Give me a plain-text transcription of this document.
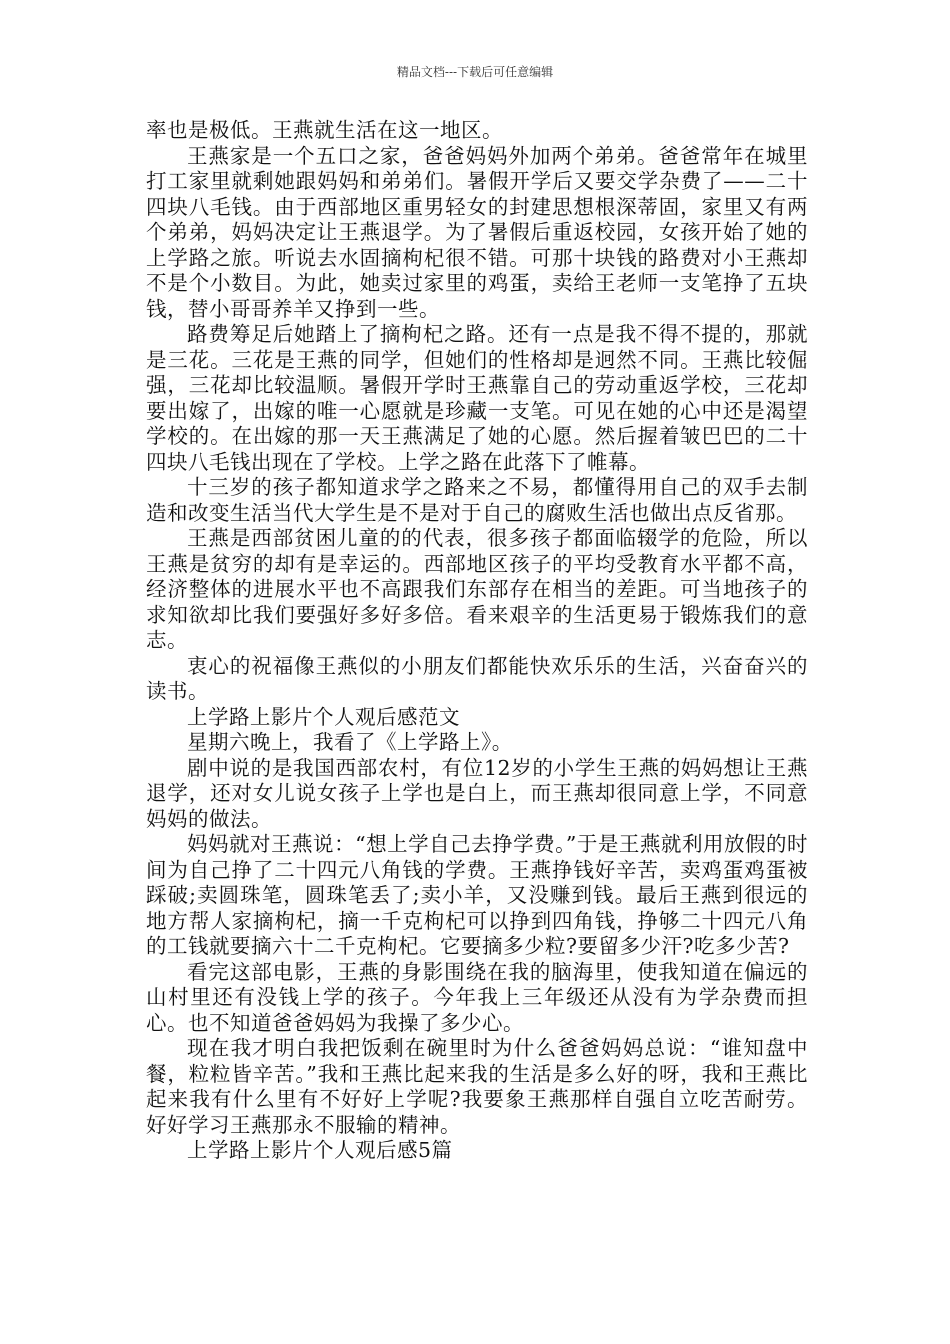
精品文档---下载后可任意编辑

率也是极低。王燕就生活在这一地区。

王燕家是一个五口之家，爸爸妈妈外加两个弟弟。爸爸常年在城里打工家里就剩她跟妈妈和弟弟们。暑假开学后又要交学杂费了——二十四块八毛钱。由于西部地区重男轻女的封建思想根深蒂固，家里又有两个弟弟，妈妈决定让王燕退学。为了暑假后重返校园，女孩开始了她的上学路之旅。听说去水固摘枸杞很不错。可那十块钱的路费对小王燕却不是个小数目。为此，她卖过家里的鸡蛋，卖给王老师一支笔挣了五块钱，替小哥哥养羊又挣到一些。

路费筹足后她踏上了摘枸杞之路。还有一点是我不得不提的，那就是三花。三花是王燕的同学，但她们的性格却是迥然不同。王燕比较倔强，三花却比较温顺。暑假开学时王燕靠自己的劳动重返学校，三花却要出嫁了，出嫁的唯一心愿就是珍藏一支笔。可见在她的心中还是渴望学校的。在出嫁的那一天王燕满足了她的心愿。然后握着皱巴巴的二十四块八毛钱出现在了学校。上学之路在此落下了帷幕。

十三岁的孩子都知道求学之路来之不易，都懂得用自己的双手去制造和改变生活当代大学生是不是对于自己的腐败生活也做出点反省那。

王燕是西部贫困儿童的的代表，很多孩子都面临辍学的危险，所以王燕是贫穷的却有是幸运的。西部地区孩子的平均受教育水平都不高，经济整体的进展水平也不高跟我们东部存在相当的差距。可当地孩子的求知欲却比我们要强好多好多倍。看来艰辛的生活更易于锻炼我们的意志。

衷心的祝福像王燕似的小朋友们都能快欢乐乐的生活，兴奋奋兴的读书。

上学路上影片个人观后感范文

星期六晚上，我看了《上学路上》。

剧中说的是我国西部农村，有位12岁的小学生王燕的妈妈想让王燕退学，还对女儿说女孩子上学也是白上，而王燕却很同意上学，不同意妈妈的做法。

妈妈就对王燕说：“想上学自己去挣学费。”于是王燕就利用放假的时间为自己挣了二十四元八角钱的学费。王燕挣钱好辛苦，卖鸡蛋鸡蛋被踩破;卖圆珠笔，圆珠笔丢了;卖小羊，又没赚到钱。最后王燕到很远的地方帮人家摘枸杞，摘一千克枸杞可以挣到四角钱，挣够二十四元八角的工钱就要摘六十二千克枸杞。它要摘多少粒?要留多少汗?吃多少苦?

看完这部电影，王燕的身影围绕在我的脑海里，使我知道在偏远的山村里还有没钱上学的孩子。今年我上三年级还从没有为学杂费而担心。也不知道爸爸妈妈为我操了多少心。

现在我才明白我把饭剩在碗里时为什么爸爸妈妈总说：“谁知盘中餐，粒粒皆辛苦。”我和王燕比起来我的生活是多么好的呀，我和王燕比起来我有什么里有不好好上学呢?我要象王燕那样自强自立吃苦耐劳。好好学习王燕那永不服输的精神。

上学路上影片个人观后感5篇
